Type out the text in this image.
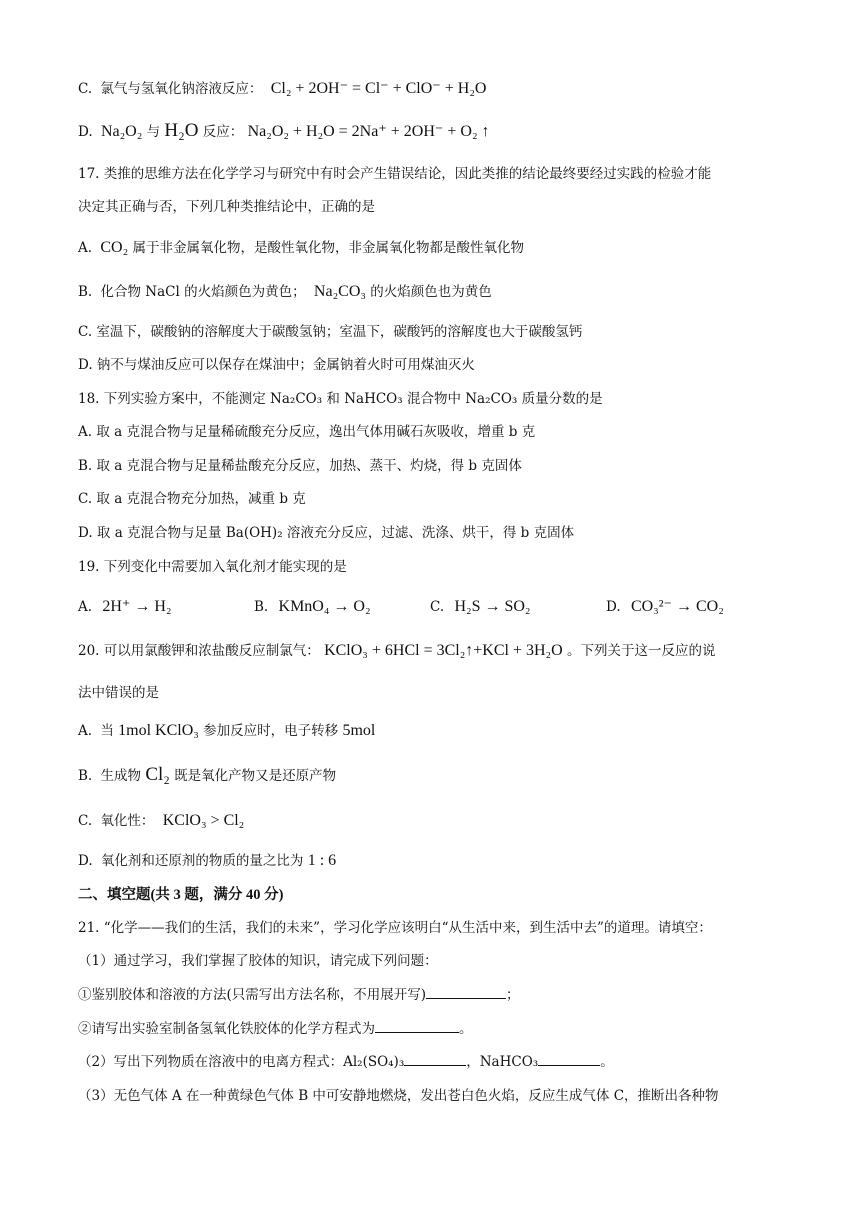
C. 氯气与氢氧化钠溶液反应： Cl₂ + 2OH⁻ = Cl⁻ + ClO⁻ + H₂O
D. Na₂O₂ 与 H₂O 反应： Na₂O₂ + H₂O = 2Na⁺ + 2OH⁻ + O₂ ↑
17. 类推的思维方法在化学学习与研究中有时会产生错误结论，因此类推的结论最终要经过实践的检验才能
决定其正确与否，下列几种类推结论中，正确的是
A. CO₂ 属于非金属氧化物，是酸性氧化物，非金属氧化物都是酸性氧化物
B. 化合物 NaCl 的火焰颜色为黄色； Na₂CO₃ 的火焰颜色也为黄色
C. 室温下，碳酸钠的溶解度大于碳酸氢钠；室温下，碳酸钙的溶解度也大于碳酸氢钙
D. 钠不与煤油反应可以保存在煤油中；金属钠着火时可用煤油灭火
18. 下列实验方案中，不能测定 Na₂CO₃ 和 NaHCO₃ 混合物中 Na₂CO₃ 质量分数的是
A. 取 a 克混合物与足量稀硫酸充分反应，逸出气体用碱石灰吸收，增重 b 克
B. 取 a 克混合物与足量稀盐酸充分反应，加热、蒸干、灼烧，得 b 克固体
C. 取 a 克混合物充分加热，减重 b 克
D. 取 a 克混合物与足量 Ba(OH)₂ 溶液充分反应，过滤、洗涤、烘干，得 b 克固体
19. 下列变化中需要加入氧化剂才能实现的是
A. 2H⁺ → H₂	B. KMnO₄ → O₂	C. H₂S → SO₂	D. CO₃²⁻ → CO₂
20. 可以用氯酸钾和浓盐酸反应制氯气： KClO₃ + 6HCl = 3Cl₂↑+KCl + 3H₂O 。下列关于这一反应的说
法中错误的是
A. 当 1mol KClO₃ 参加反应时，电子转移 5mol
B. 生成物 Cl₂ 既是氧化产物又是还原产物
C. 氧化性： KClO₃ > Cl₂
D. 氧化剂和还原剂的物质的量之比为 1 : 6
二、填空题(共 3 题，满分 40 分)
21. “化学——我们的生活，我们的未来”，学习化学应该明白“从生活中来，到生活中去”的道理。请填空：
（1）通过学习，我们掌握了胶体的知识，请完成下列问题：
①鉴别胶体和溶液的方法(只需写出方法名称，不用展开写)	；
②请写出实验室制备氢氧化铁胶体的化学方程式为	。
（2）写出下列物质在溶液中的电离方程式：Al₂(SO₄)₃	，NaHCO₃	。
（3）无色气体 A 在一种黄绿色气体 B 中可安静地燃烧，发出苍白色火焰，反应生成气体 C，推断出各种物
